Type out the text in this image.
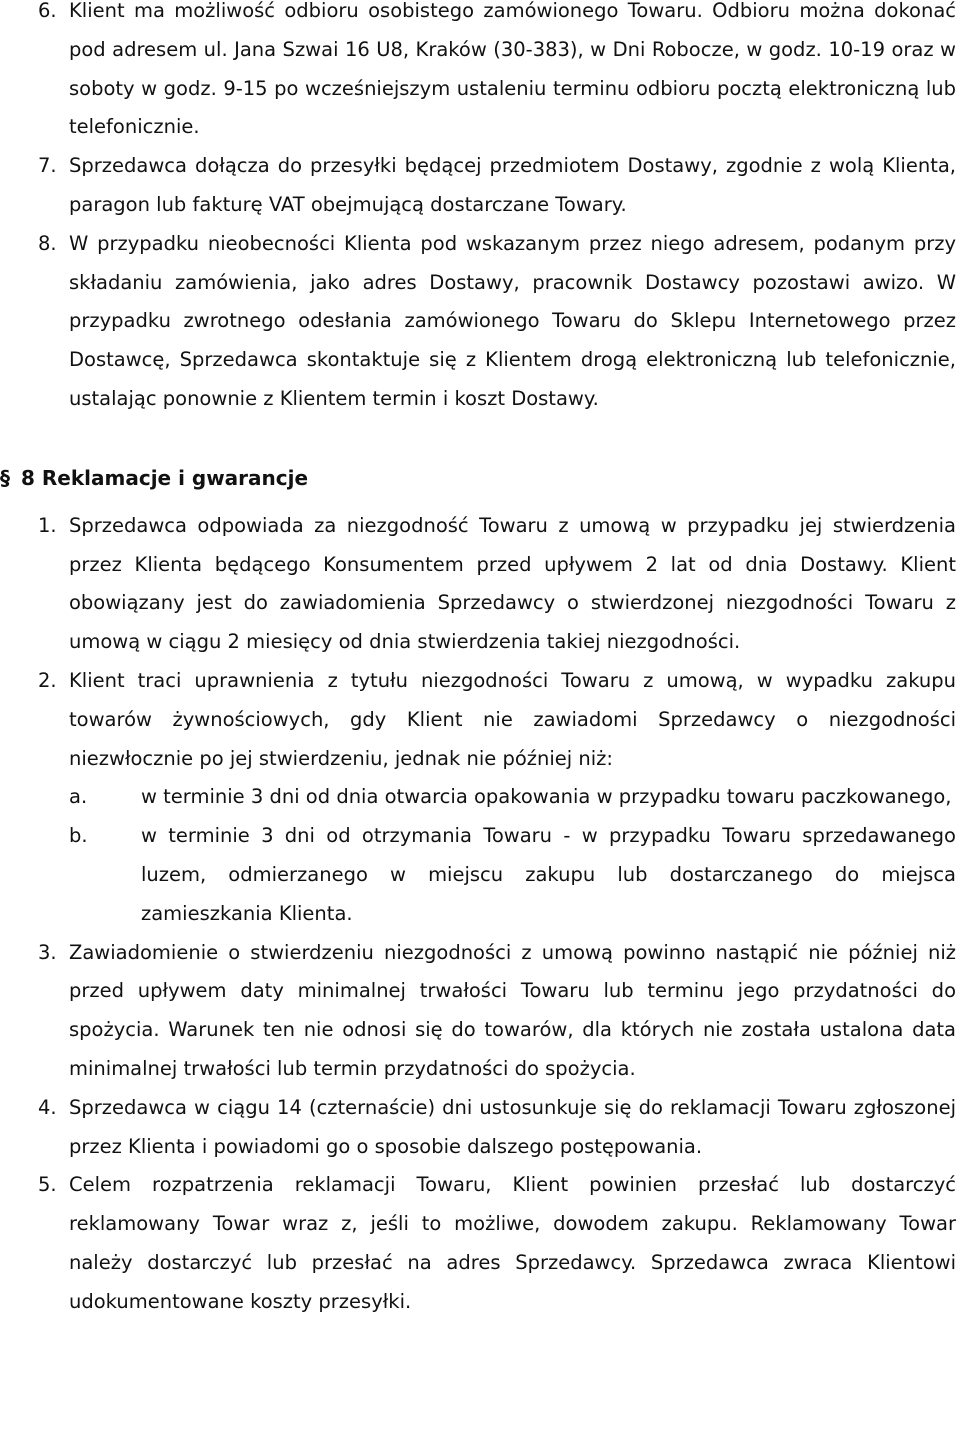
6. Klient ma możliwość odbioru osobistego zamówionego Towaru. Odbioru można dokonać pod adresem ul. Jana Szwai 16 U8, Kraków (30-383), w Dni Robocze, w godz. 10-19 oraz w soboty w godz. 9-15 po wcześniejszym ustaleniu terminu odbioru pocztą elektroniczną lub telefonicznie.
7. Sprzedawca dołącza do przesyłki będącej przedmiotem Dostawy, zgodnie z wolą Klienta, paragon lub fakturę VAT obejmującą dostarczane Towary.
8. W przypadku nieobecności Klienta pod wskazanym przez niego adresem, podanym przy składaniu zamówienia, jako adres Dostawy, pracownik Dostawcy pozostawi awizo. W przypadku zwrotnego odesłania zamówionego Towaru do Sklepu Internetowego przez Dostawcę, Sprzedawca skontaktuje się z Klientem drogą elektroniczną lub telefonicznie, ustalając ponownie z Klientem termin i koszt Dostawy.
§ 8 Reklamacje i gwarancje
1. Sprzedawca odpowiada za niezgodność Towaru z umową w przypadku jej stwierdzenia przez Klienta będącego Konsumentem przed upływem 2 lat od dnia Dostawy. Klient obowiązany jest do zawiadomienia Sprzedawcy o stwierdzonej niezgodności Towaru z umową w ciągu 2 miesięcy od dnia stwierdzenia takiej niezgodności.
2. Klient traci uprawnienia z tytułu niezgodności Towaru z umową, w wypadku zakupu towarów żywnościowych, gdy Klient nie zawiadomi Sprzedawcy o niezgodności niezwłocznie po jej stwierdzeniu, jednak nie później niż:
a.	w terminie 3 dni od dnia otwarcia opakowania w przypadku towaru paczkowanego,
b.	w terminie 3 dni od otrzymania Towaru - w przypadku Towaru sprzedawanego luzem, odmierzanego w miejscu zakupu lub dostarczanego do miejsca zamieszkania Klienta.
3. Zawiadomienie o stwierdzeniu niezgodności z umową powinno nastąpić nie później niż przed upływem daty minimalnej trwałości Towaru lub terminu jego przydatności do spożycia. Warunek ten nie odnosi się do towarów, dla których nie została ustalona data minimalnej trwałości lub termin przydatności do spożycia.
4. Sprzedawca w ciągu 14 (czternaście) dni ustosunkuje się do reklamacji Towaru zgłoszonej przez Klienta i powiadomi go o sposobie dalszego postępowania.
5. Celem rozpatrzenia reklamacji Towaru, Klient powinien przesłać lub dostarczyć reklamowany Towar wraz z, jeśli to możliwe, dowodem zakupu. Reklamowany Towar należy dostarczyć lub przesłać na adres Sprzedawcy. Sprzedawca zwraca Klientowi udokumentowane koszty przesyłki.
